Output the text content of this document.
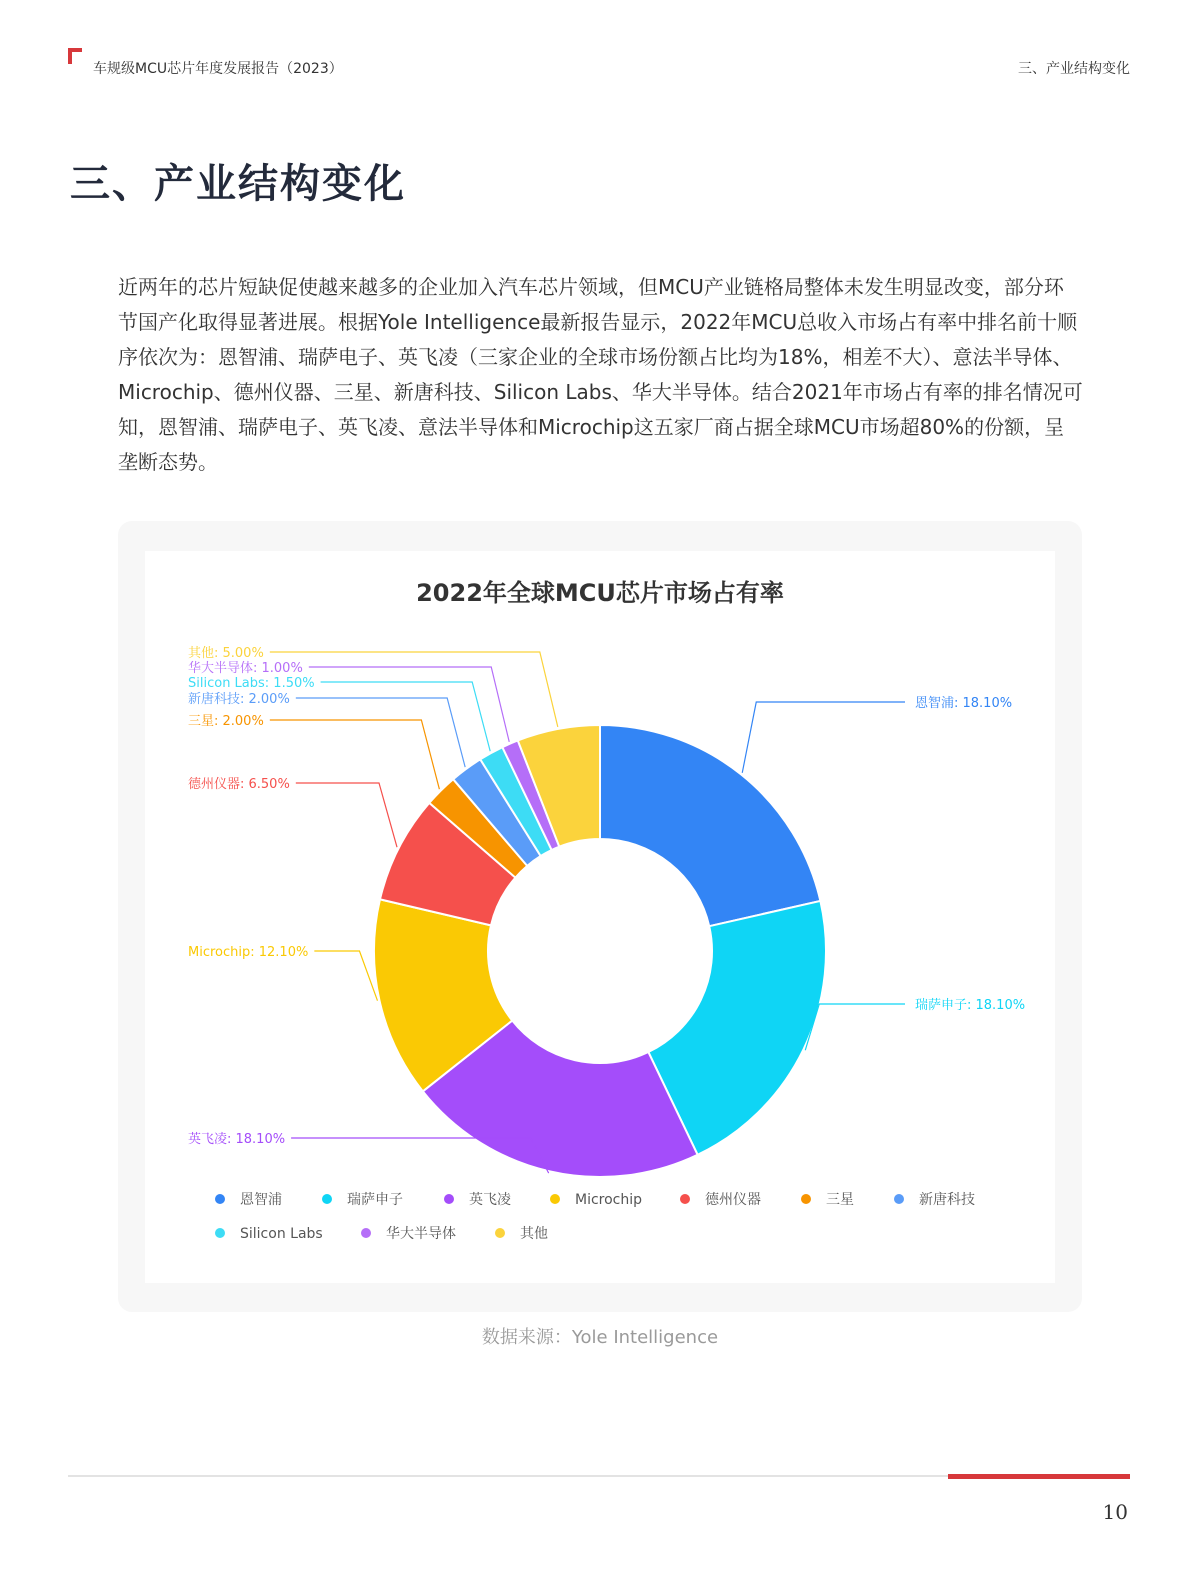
车规级MCU芯片年度发展报告（2023）	三、产业结构变化
三、产业结构变化
近两年的芯片短缺促使越来越多的企业加入汽车芯片领域，但MCU产业链格局整体未发生明显改变，部分环节国产化取得显著进展。根据Yole Intelligence最新报告显示，2022年MCU总收入市场占有率中排名前十顺序依次为：恩智浦、瑞萨电子、英飞凌（三家企业的全球市场份额占比均为18%，相差不大）、意法半导体、Microchip、德州仪器、三星、新唐科技、Silicon Labs、华大半导体。结合2021年市场占有率的排名情况可知，恩智浦、瑞萨电子、英飞凌、意法半导体和Microchip这五家厂商占据全球MCU市场超80%的份额，呈垄断态势。
2022年全球MCU芯片市场占有率
恩智浦: 18.10%
瑞萨申子: 18.10%
英飞凌: 18.10%
Microchip: 12.10%
德州仪器: 6.50%
三星: 2.00%
新唐科技: 2.00%
Silicon Labs: 1.50%
华大半导体: 1.00%
其他: 5.00%
恩智浦	瑞萨申子	英飞凌	Microchip	德州仪器	三星	新唐科技
Silicon Labs	华大半导体	其他
数据来源：Yole Intelligence
10
